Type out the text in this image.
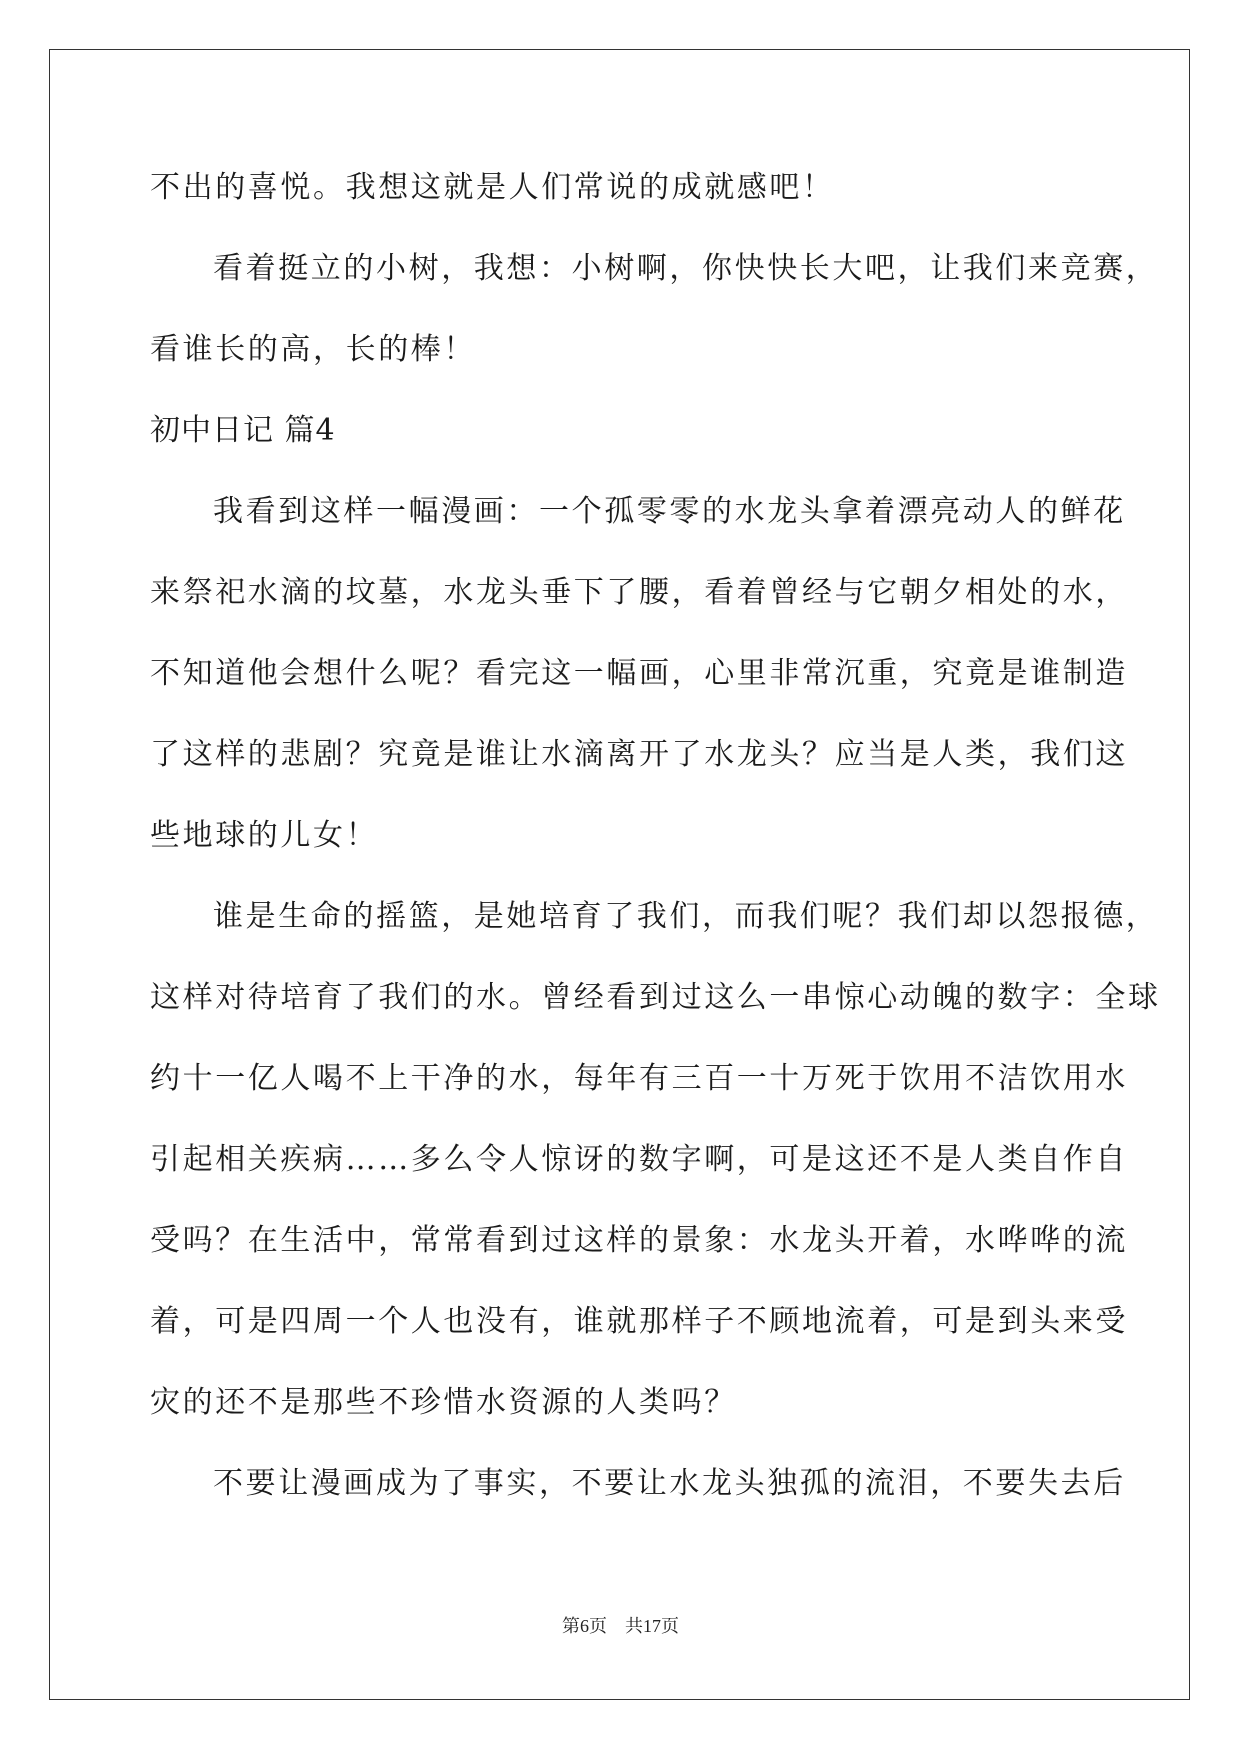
不出的喜悦。我想这就是人们常说的成就感吧！
看着挺立的小树，我想：小树啊，你快快长大吧，让我们来竞赛，
看谁长的高，长的棒！
初中日记 篇4
我看到这样一幅漫画：一个孤零零的水龙头拿着漂亮动人的鲜花
来祭祀水滴的坟墓，水龙头垂下了腰，看着曾经与它朝夕相处的水，
不知道他会想什么呢？看完这一幅画，心里非常沉重，究竟是谁制造
了这样的悲剧？究竟是谁让水滴离开了水龙头？应当是人类，我们这
些地球的儿女！
谁是生命的摇篮，是她培育了我们，而我们呢？我们却以怨报德，
这样对待培育了我们的水。曾经看到过这么一串惊心动魄的数字：全球
约十一亿人喝不上干净的水，每年有三百一十万死于饮用不洁饮用水
引起相关疾病……多么令人惊讶的数字啊，可是这还不是人类自作自
受吗？在生活中，常常看到过这样的景象：水龙头开着，水哗哗的流
着，可是四周一个人也没有，谁就那样子不顾地流着，可是到头来受
灾的还不是那些不珍惜水资源的人类吗？
不要让漫画成为了事实，不要让水龙头独孤的流泪，不要失去后
第6页 共17页
